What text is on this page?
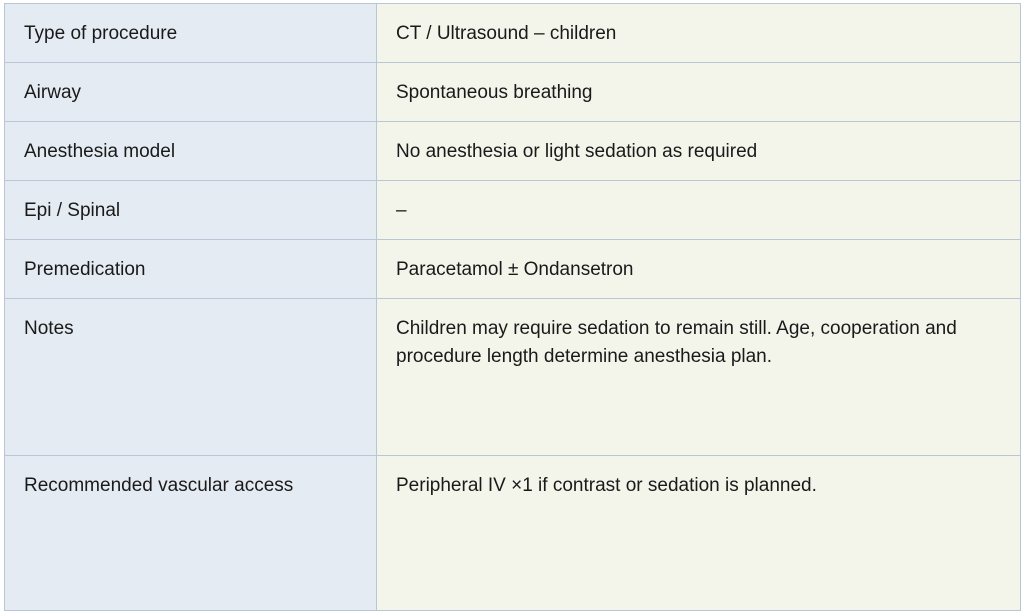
Type of procedure	CT / Ultrasound – children
Airway	Spontaneous breathing
Anesthesia model	No anesthesia or light sedation as required
Epi / Spinal	–
Premedication	Paracetamol ± Ondansetron
Notes	Children may require sedation to remain still. Age, cooperation and procedure length determine anesthesia plan.
Recommended vascular access	Peripheral IV ×1 if contrast or sedation is planned.
